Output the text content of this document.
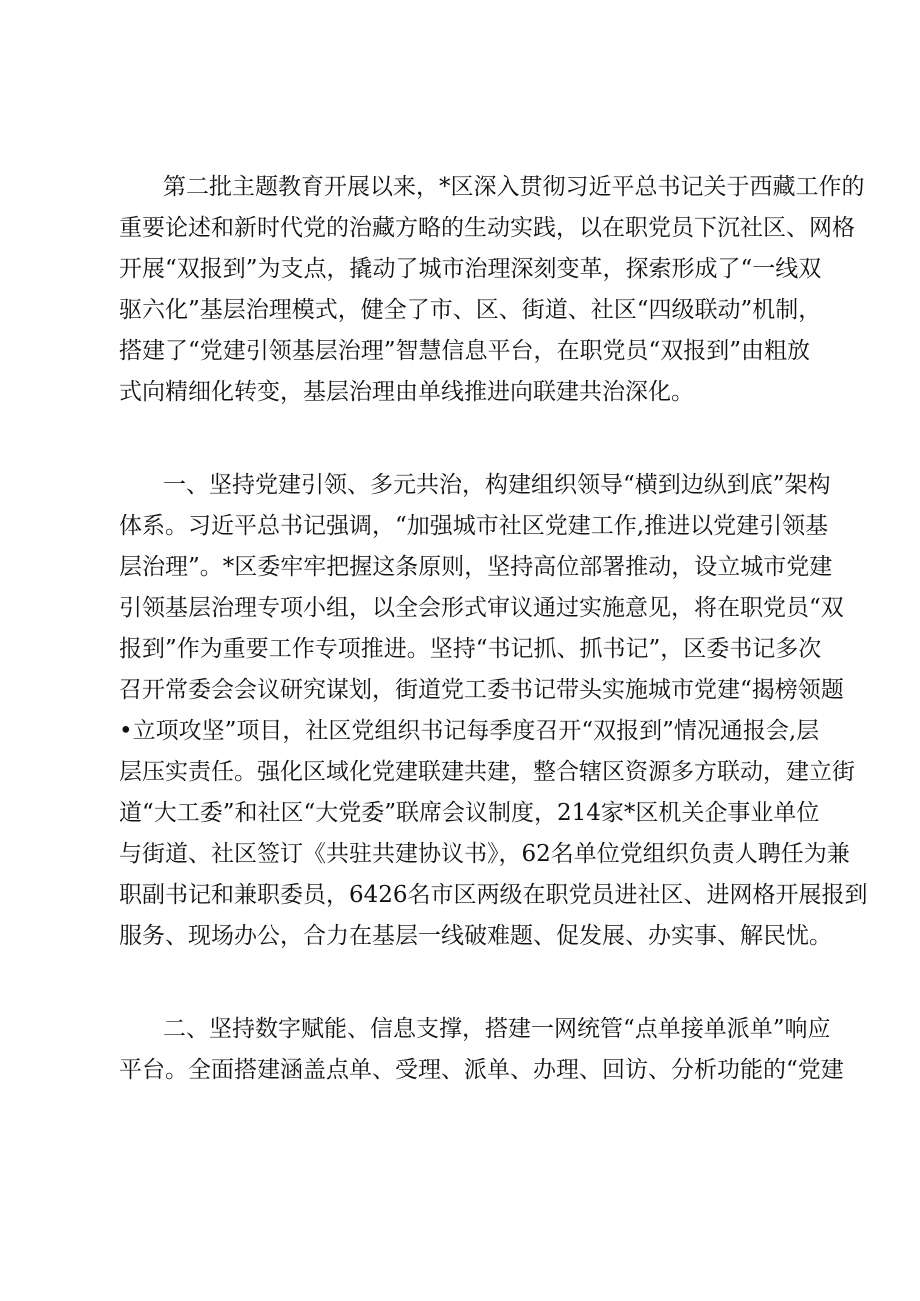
第二批主题教育开展以来，*区深入贯彻习近平总书记关于西藏工作的
重要论述和新时代党的治藏方略的生动实践，以在职党员下沉社区、网格
开展“双报到”为支点，撬动了城市治理深刻变革，探索形成了“一线双
驱六化”基层治理模式，健全了市、区、街道、社区“四级联动”机制，
搭建了“党建引领基层治理”智慧信息平台，在职党员“双报到”由粗放
式向精细化转变，基层治理由单线推进向联建共治深化。
一、坚持党建引领、多元共治，构建组织领导“横到边纵到底”架构
体系。习近平总书记强调，“加强城市社区党建工作,推进以党建引领基
层治理”。*区委牢牢把握这条原则，坚持高位部署推动，设立城市党建
引领基层治理专项小组，以全会形式审议通过实施意见，将在职党员“双
报到”作为重要工作专项推进。坚持“书记抓、抓书记”，区委书记多次
召开常委会会议研究谋划，街道党工委书记带头实施城市党建“揭榜领题
•立项攻坚”项目，社区党组织书记每季度召开“双报到”情况通报会,层
层压实责任。强化区域化党建联建共建，整合辖区资源多方联动，建立街
道“大工委”和社区“大党委”联席会议制度，214家*区机关企事业单位
与街道、社区签订《共驻共建协议书》，62名单位党组织负责人聘任为兼
职副书记和兼职委员，6426名市区两级在职党员进社区、进网格开展报到
服务、现场办公，合力在基层一线破难题、促发展、办实事、解民忧。
二、坚持数字赋能、信息支撑，搭建一网统管“点单接单派单”响应
平台。全面搭建涵盖点单、受理、派单、办理、回访、分析功能的“党建
